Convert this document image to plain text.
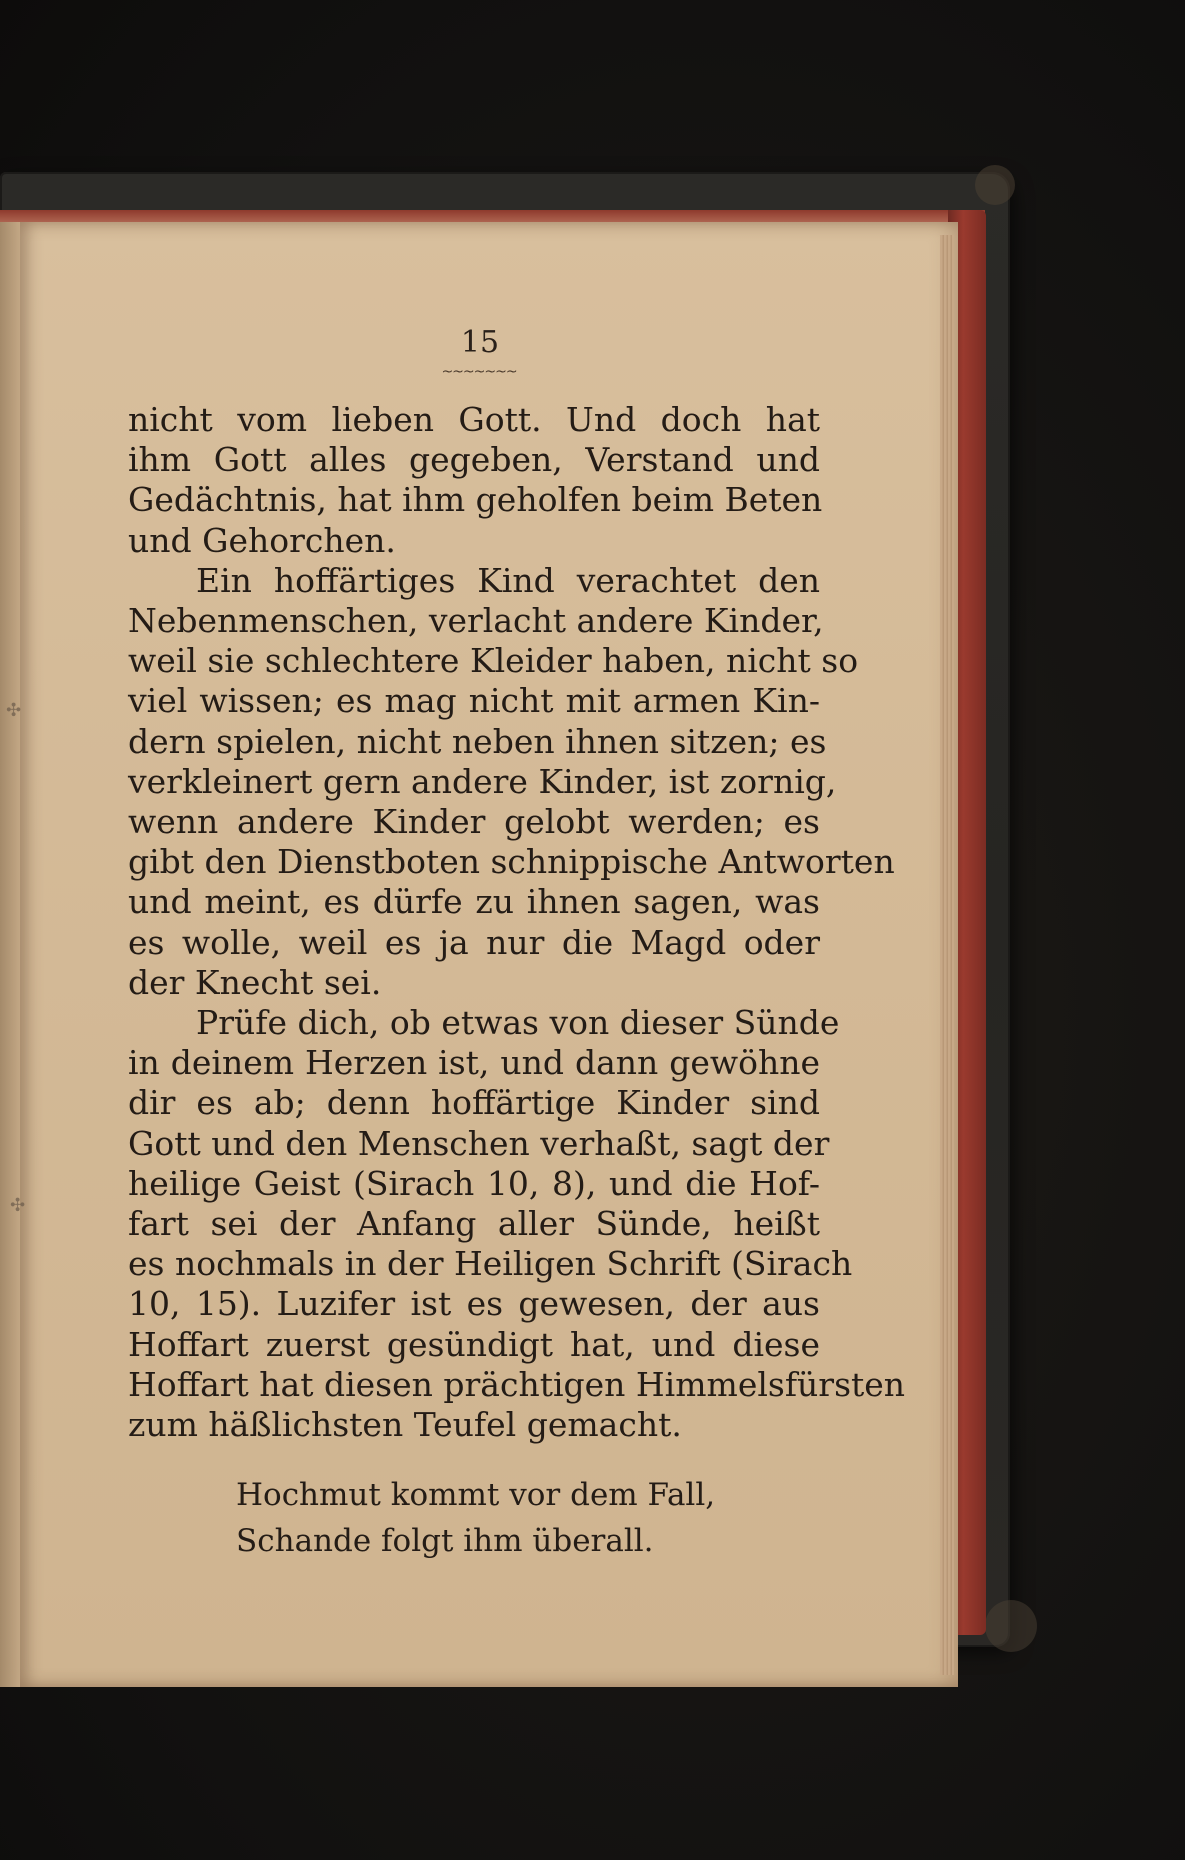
✣
✣
15
~~~~~~~
nicht vom lieben Gott. Und doch hat
ihm Gott alles gegeben, Verstand und
Gedächtnis, hat ihm geholfen beim Beten
und Gehorchen.
Ein hoffärtiges Kind verachtet den
Nebenmenschen, verlacht andere Kinder,
weil sie schlechtere Kleider haben, nicht so
viel wissen; es mag nicht mit armen Kin-
dern spielen, nicht neben ihnen sitzen; es
verkleinert gern andere Kinder, ist zornig,
wenn andere Kinder gelobt werden; es
gibt den Dienstboten schnippische Antworten
und meint, es dürfe zu ihnen sagen, was
es wolle, weil es ja nur die Magd oder
der Knecht sei.
Prüfe dich, ob etwas von dieser Sünde
in deinem Herzen ist, und dann gewöhne
dir es ab; denn hoffärtige Kinder sind
Gott und den Menschen verhaßt, sagt der
heilige Geist (Sirach 10, 8), und die Hof-
fart sei der Anfang aller Sünde, heißt
es nochmals in der Heiligen Schrift (Sirach
10, 15). Luzifer ist es gewesen, der aus
Hoffart zuerst gesündigt hat, und diese
Hoffart hat diesen prächtigen Himmelsfürsten
zum häßlichsten Teufel gemacht.
Hochmut kommt vor dem Fall,
Schande folgt ihm überall.
